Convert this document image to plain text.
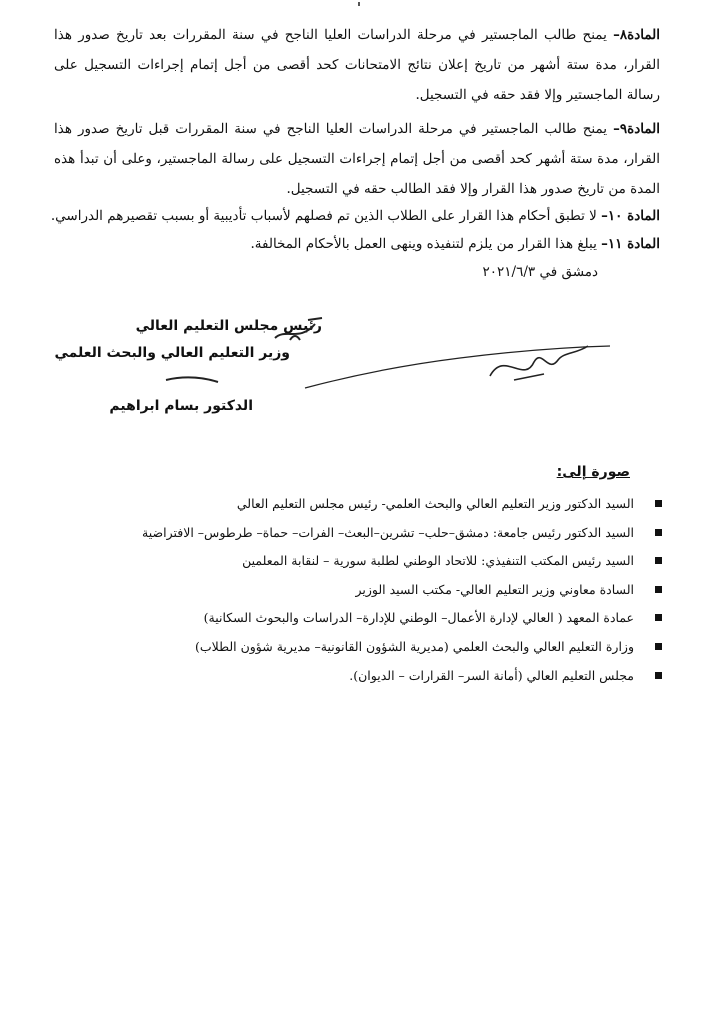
المادة٨– يمنح طالب الماجستير في مرحلة الدراسات العليا الناجح في سنة المقررات بعد تاريخ صدور هذا القرار، مدة ستة أشهر من تاريخ إعلان نتائج الامتحانات كحد أقصى من أجل إتمام إجراءات التسجيل على رسالة الماجستير وإلا فقد حقه في التسجيل.
المادة٩– يمنح طالب الماجستير في مرحلة الدراسات العليا الناجح في سنة المقررات قبل تاريخ صدور هذا القرار، مدة ستة أشهر كحد أقصى من أجل إتمام إجراءات التسجيل على رسالة الماجستير، وعلى أن تبدأ هذه المدة من تاريخ صدور هذا القرار وإلا فقد الطالب حقه في التسجيل.
المادة ١٠– لا تطبق أحكام هذا القرار على الطلاب الذين تم فصلهم لأسباب تأديبية أو بسبب تقصيرهم الدراسي.
المادة ١١– يبلغ هذا القرار من يلزم لتنفيذه وينهى العمل بالأحكام المخالفة.
دمشق في ٢٠٢١/٦/٣
رئيس مجلس التعليم العالي
وزير التعليم العالي والبحث العلمي
الدكتور بسام ابراهيم
صورة إلى:
السيد الدكتور وزير التعليم العالي والبحث العلمي- رئيس مجلس التعليم العالي
السيد الدكتور رئيس جامعة: دمشق–حلب– تشرين–البعث– الفرات– حماة– طرطوس– الافتراضية
السيد رئيس المكتب التنفيذي: للاتحاد الوطني لطلبة سورية – لنقابة المعلمين
السادة معاوني وزير التعليم العالي- مكتب السيد الوزير
عمادة المعهد ( العالي لإدارة الأعمال– الوطني للإدارة– الدراسات والبحوث السكانية)
وزارة التعليم العالي والبحث العلمي (مديرية الشؤون القانونية– مديرية شؤون الطلاب)
مجلس التعليم العالي (أمانة السر– القرارات – الديوان).
